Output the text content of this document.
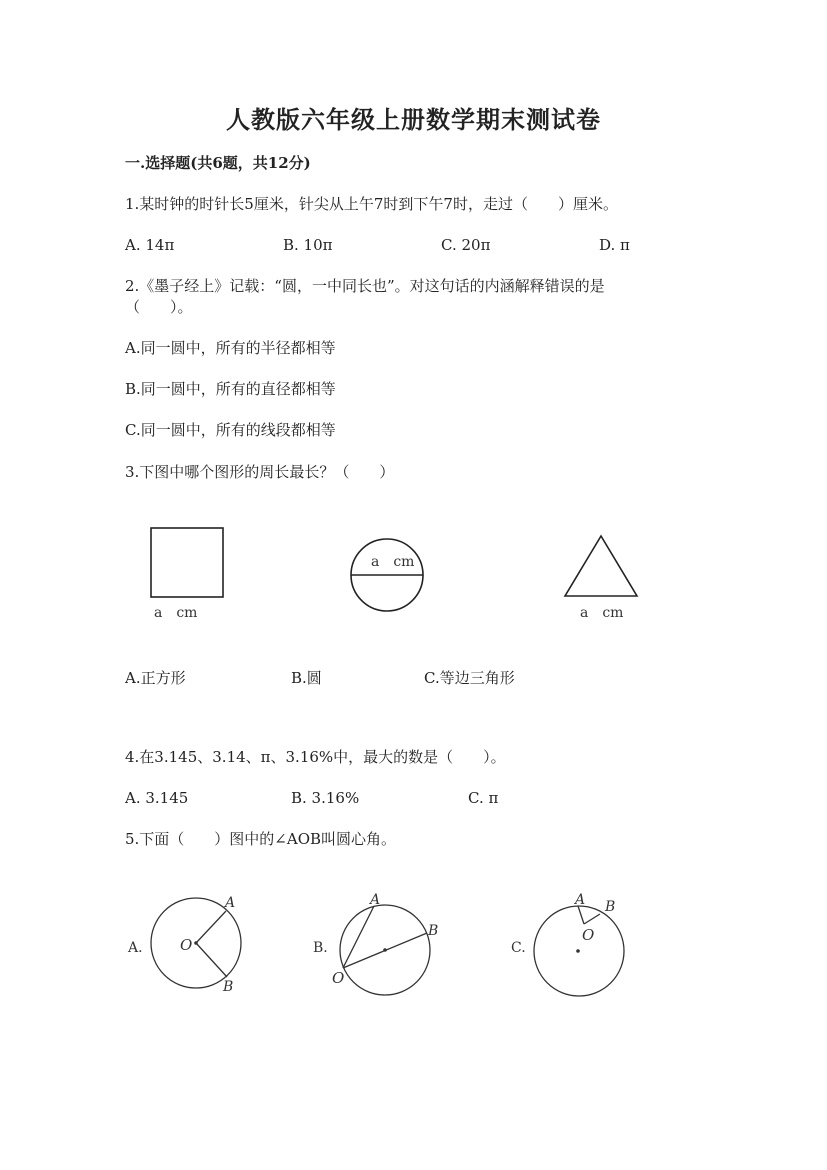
人教版六年级上册数学期末测试卷
一.选择题(共6题，共12分)
1.某时钟的时针长5厘米，针尖从上午7时到下午7时，走过（　　）厘米。
A. 14π	B. 10π	C. 20π	D. π
2.《墨子经上》记载：“圆，一中同长也”。对这句话的内涵解释错误的是
（　　）。
A.同一圆中，所有的半径都相等
B.同一圆中，所有的直径都相等
C.同一圆中，所有的线段都相等
3.下图中哪个图形的周长最长？（　　）
a　cm
a　cm
a　cm
A.正方形	B.圆	C.等边三角形
4.在3.145、3.14、π、3.16%中，最大的数是（　　）。
A. 3.145	B. 3.16%	C. π
5.下面（　　）图中的∠AOB叫圆心角。
A.
A
O
B
B.
A
B
O
C.
A B
O
